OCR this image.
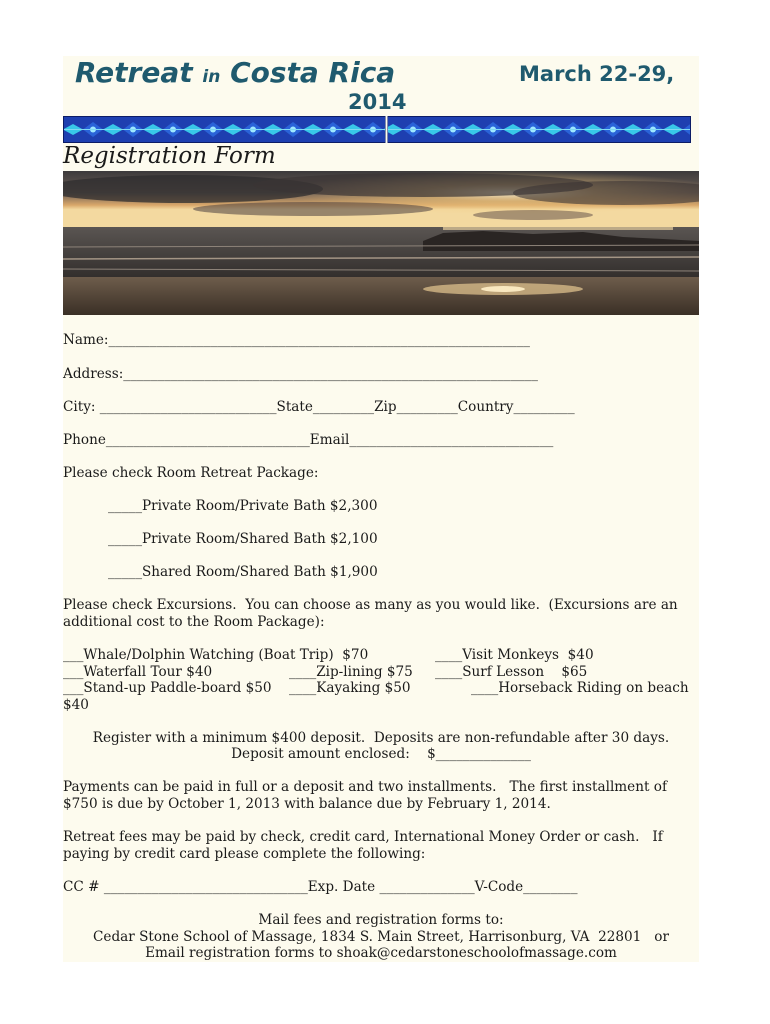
Retreat in Costa Rica	March 22-29,
2014
Registration Form
Name:______________________________________________________________
Address:_____________________________________________________________
City: __________________________State_________Zip_________Country_________
Phone______________________________Email______________________________
Please check Room Retreat Package:
_____Private Room/Private Bath $2,300
_____Private Room/Shared Bath $2,100
_____Shared Room/Shared Bath $1,900
Please check Excursions.  You can choose as many as you would like.  (Excursions are an
additional cost to the Room Package):
___Whale/Dolphin Watching (Boat Trip)  $70	____Visit Monkeys  $40
___Waterfall Tour $40	____Zip-lining $75 ____Surf Lesson    $65
___Stand-up Paddle-board $50 ____Kayaking $50	____Horseback Riding on beach
$40
Register with a minimum $400 deposit.  Deposits are non-refundable after 30 days.
Deposit amount enclosed:    $______________
Payments can be paid in full or a deposit and two installments.   The first installment of
$750 is due by October 1, 2013 with balance due by February 1, 2014.
Retreat fees may be paid by check, credit card, International Money Order or cash.   If
paying by credit card please complete the following:
CC # ______________________________Exp. Date ______________V-Code________
Mail fees and registration forms to:
Cedar Stone School of Massage, 1834 S. Main Street, Harrisonburg, VA  22801   or
Email registration forms to shoak@cedarstoneschoolofmassage.com
